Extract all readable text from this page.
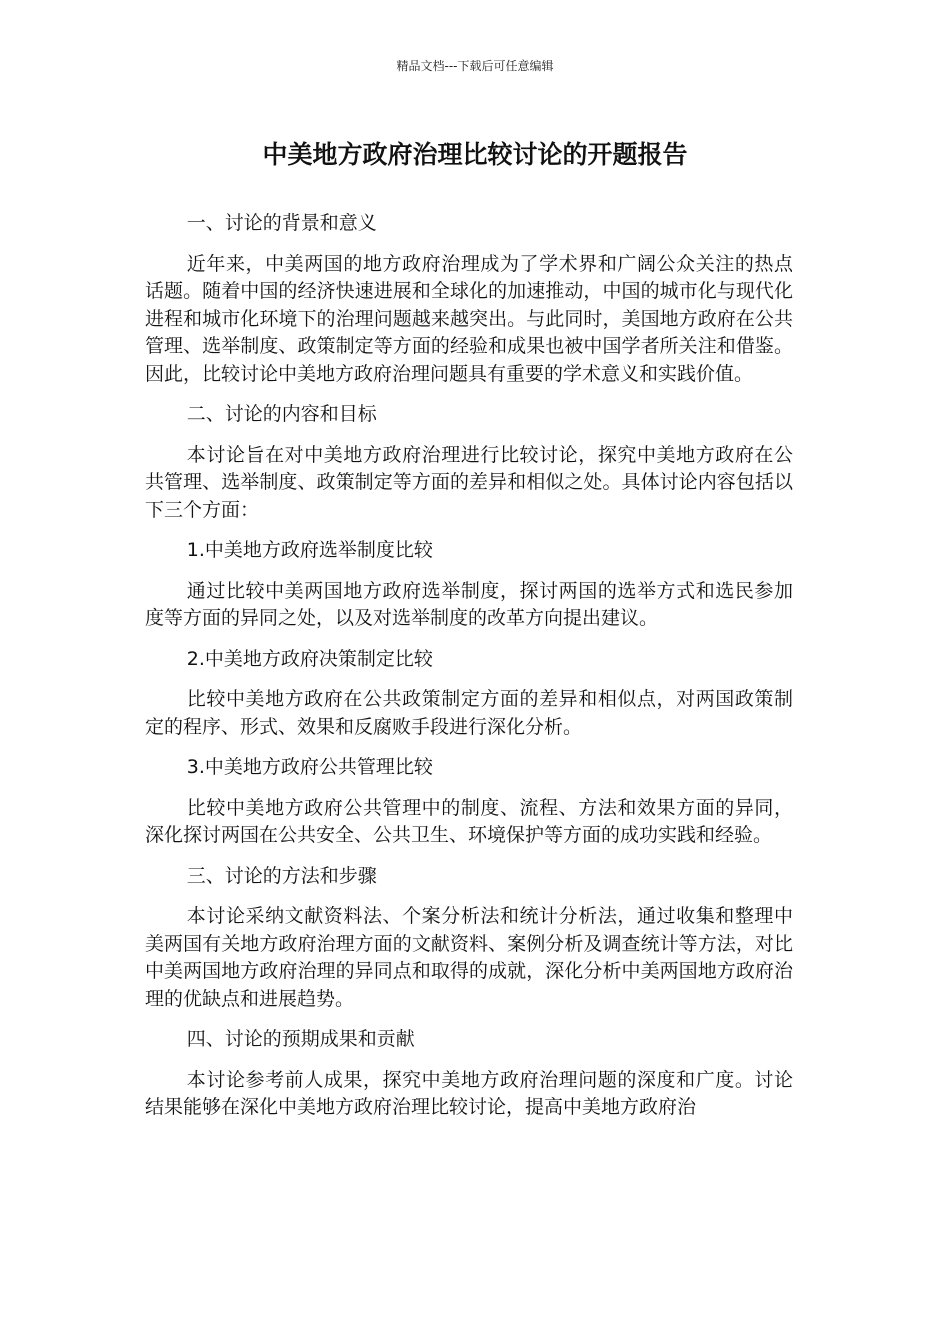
精品文档---下载后可任意编辑
中美地方政府治理比较讨论的开题报告

一、讨论的背景和意义

近年来，中美两国的地方政府治理成为了学术界和广阔公众关注的热点话题。随着中国的经济快速进展和全球化的加速推动，中国的城市化与现代化进程和城市化环境下的治理问题越来越突出。与此同时，美国地方政府在公共管理、选举制度、政策制定等方面的经验和成果也被中国学者所关注和借鉴。因此，比较讨论中美地方政府治理问题具有重要的学术意义和实践价值。

二、讨论的内容和目标

本讨论旨在对中美地方政府治理进行比较讨论，探究中美地方政府在公共管理、选举制度、政策制定等方面的差异和相似之处。具体讨论内容包括以下三个方面：

1.中美地方政府选举制度比较

通过比较中美两国地方政府选举制度，探讨两国的选举方式和选民参加度等方面的异同之处，以及对选举制度的改革方向提出建议。

2.中美地方政府决策制定比较

比较中美地方政府在公共政策制定方面的差异和相似点，对两国政策制定的程序、形式、效果和反腐败手段进行深化分析。

3.中美地方政府公共管理比较

比较中美地方政府公共管理中的制度、流程、方法和效果方面的异同，深化探讨两国在公共安全、公共卫生、环境保护等方面的成功实践和经验。

三、讨论的方法和步骤

本讨论采纳文献资料法、个案分析法和统计分析法，通过收集和整理中美两国有关地方政府治理方面的文献资料、案例分析及调查统计等方法，对比中美两国地方政府治理的异同点和取得的成就，深化分析中美两国地方政府治理的优缺点和进展趋势。

四、讨论的预期成果和贡献

本讨论参考前人成果，探究中美地方政府治理问题的深度和广度。讨论结果能够在深化中美地方政府治理比较讨论，提高中美地方政府治
